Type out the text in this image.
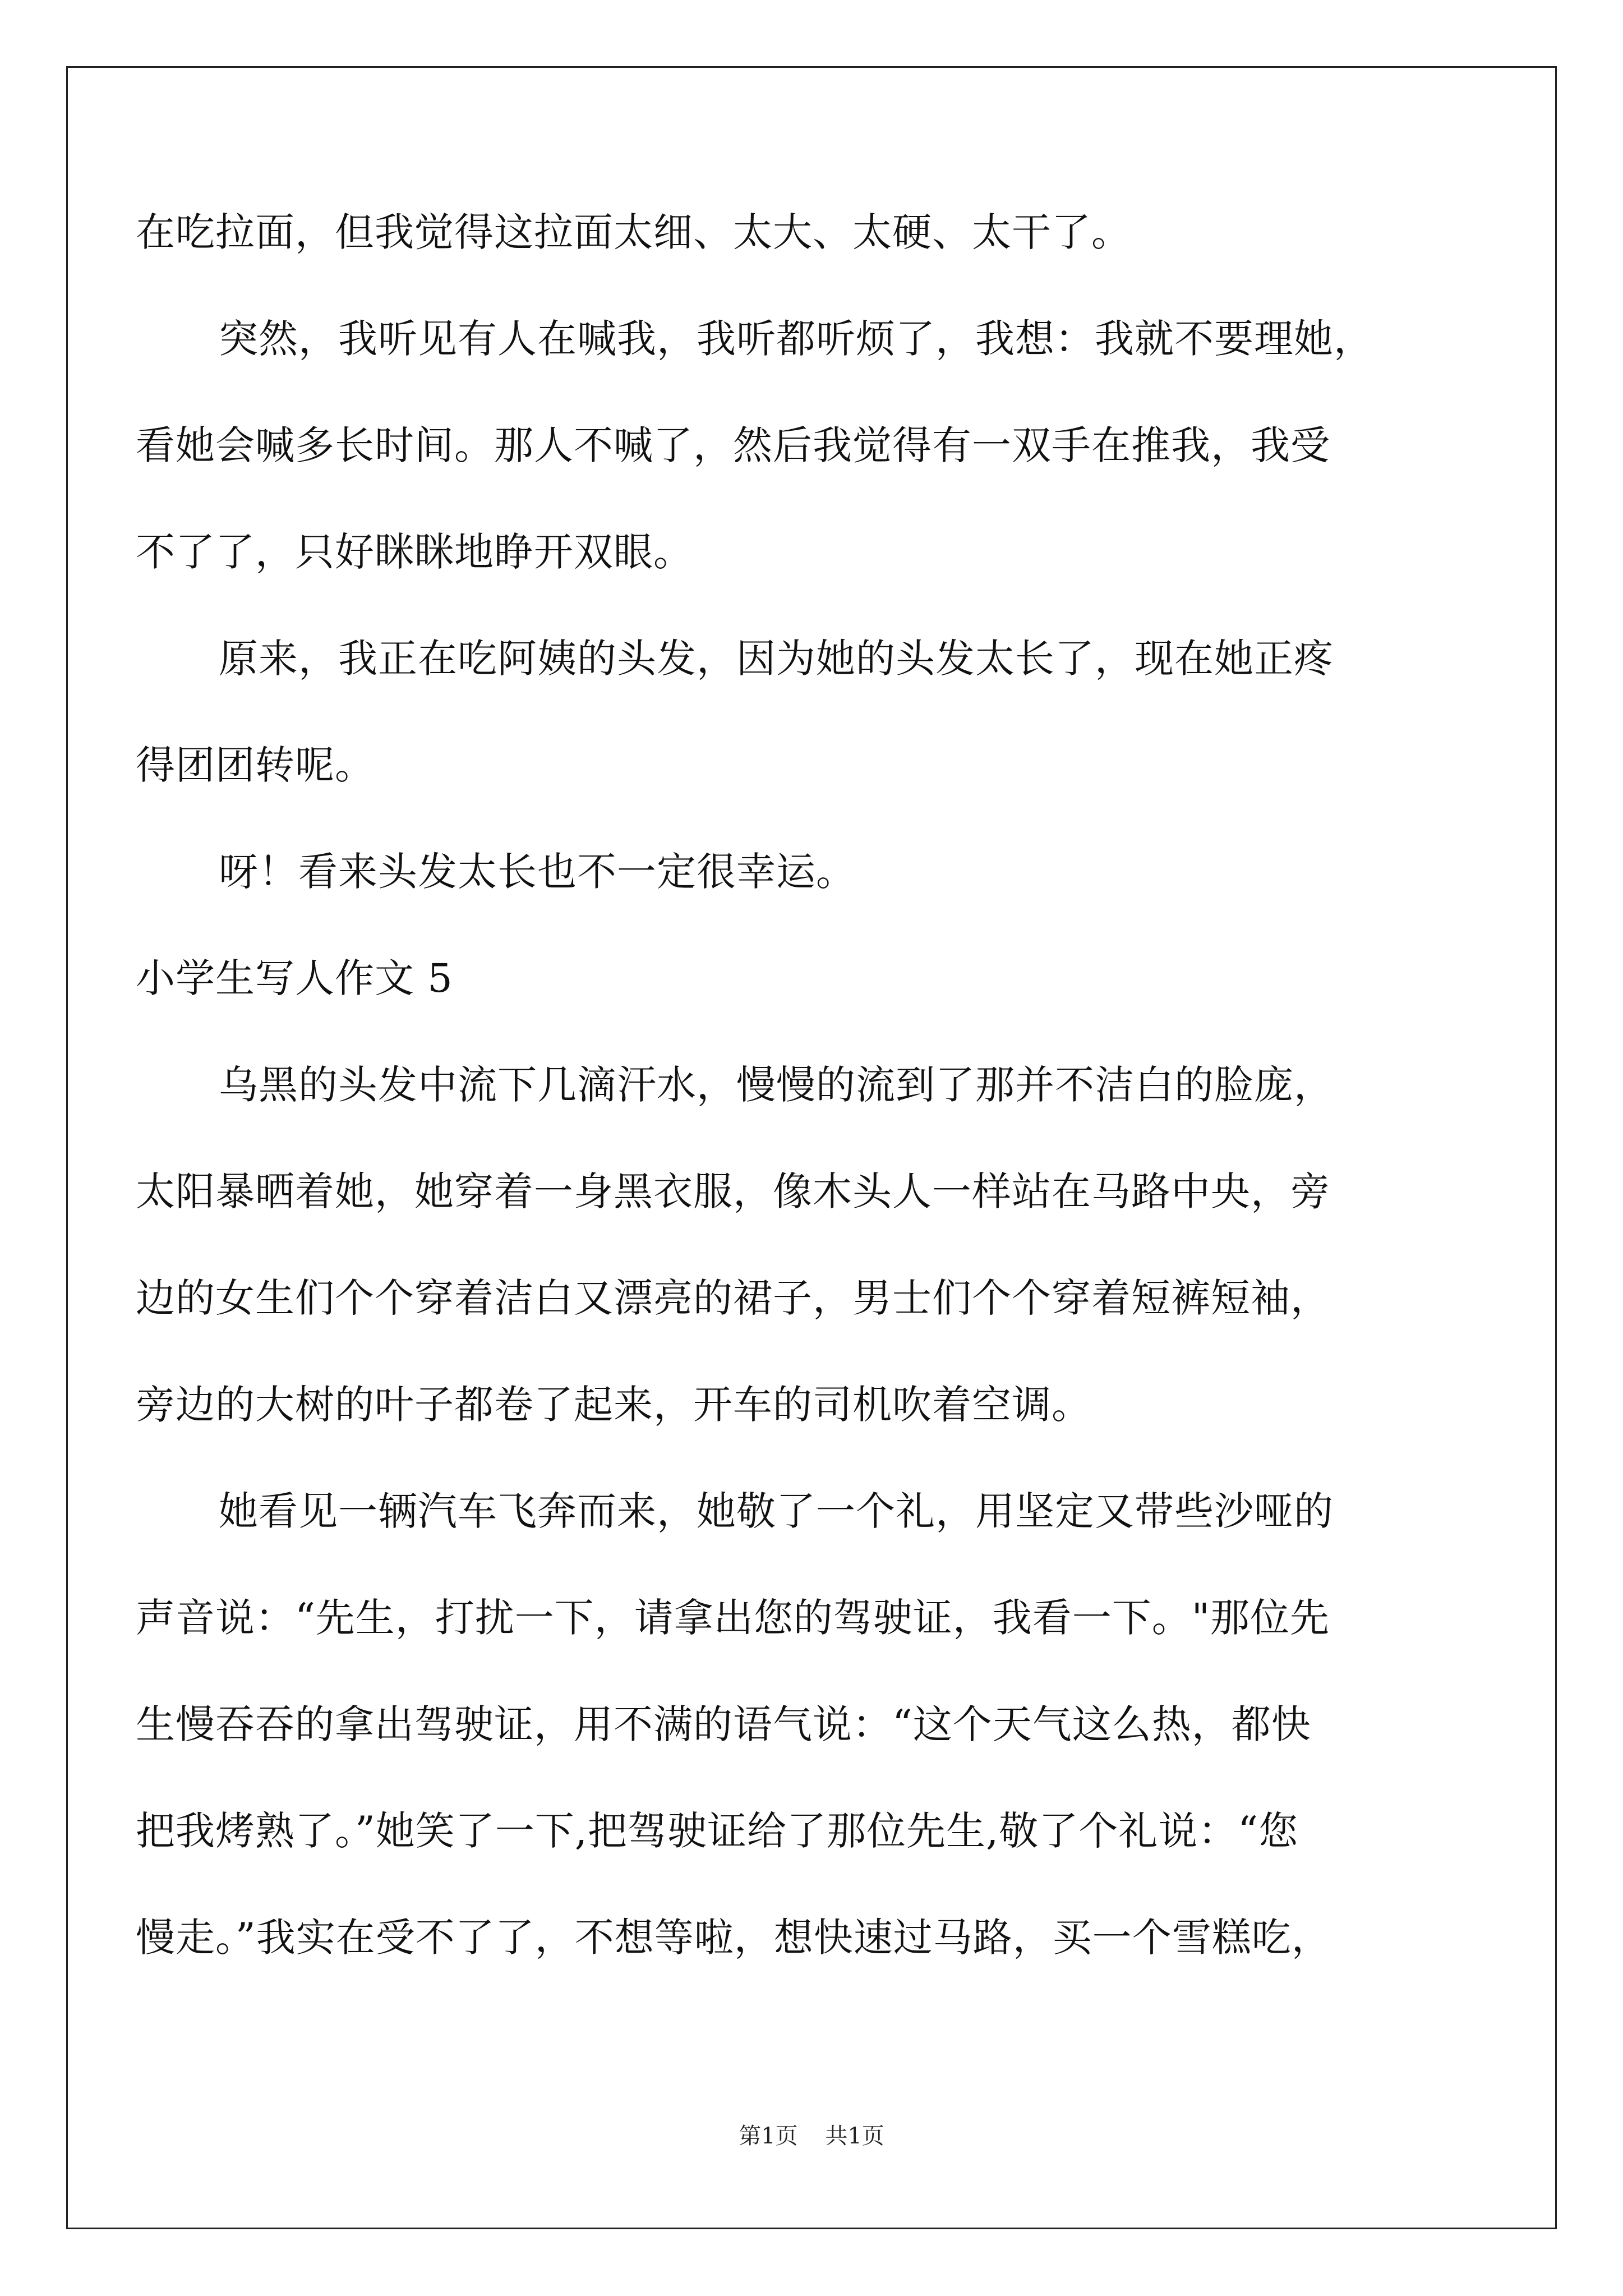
在吃拉面，但我觉得这拉面太细、太大、太硬、太干了。
突然，我听见有人在喊我，我听都听烦了，我想：我就不要理她，
看她会喊多长时间。那人不喊了，然后我觉得有一双手在推我，我受
不了了，只好眯眯地睁开双眼。
原来，我正在吃阿姨的头发，因为她的头发太长了，现在她正疼
得团团转呢。
呀！看来头发太长也不一定很幸运。
小学生写人作文 5
乌黑的头发中流下几滴汗水，慢慢的流到了那并不洁白的脸庞，
太阳暴晒着她，她穿着一身黑衣服，像木头人一样站在马路中央，旁
边的女生们个个穿着洁白又漂亮的裙子，男士们个个穿着短裤短袖，
旁边的大树的叶子都卷了起来，开车的司机吹着空调。
她看见一辆汽车飞奔而来，她敬了一个礼，用坚定又带些沙哑的
声音说：“先生，打扰一下，请拿出您的驾驶证，我看一下。"那位先
生慢吞吞的拿出驾驶证，用不满的语气说：“这个天气这么热，都快
把我烤熟了。”她笑了一下,把驾驶证给了那位先生,敬了个礼说：“您
慢走。”我实在受不了了，不想等啦，想快速过马路，买一个雪糕吃，
第1页 共1页
